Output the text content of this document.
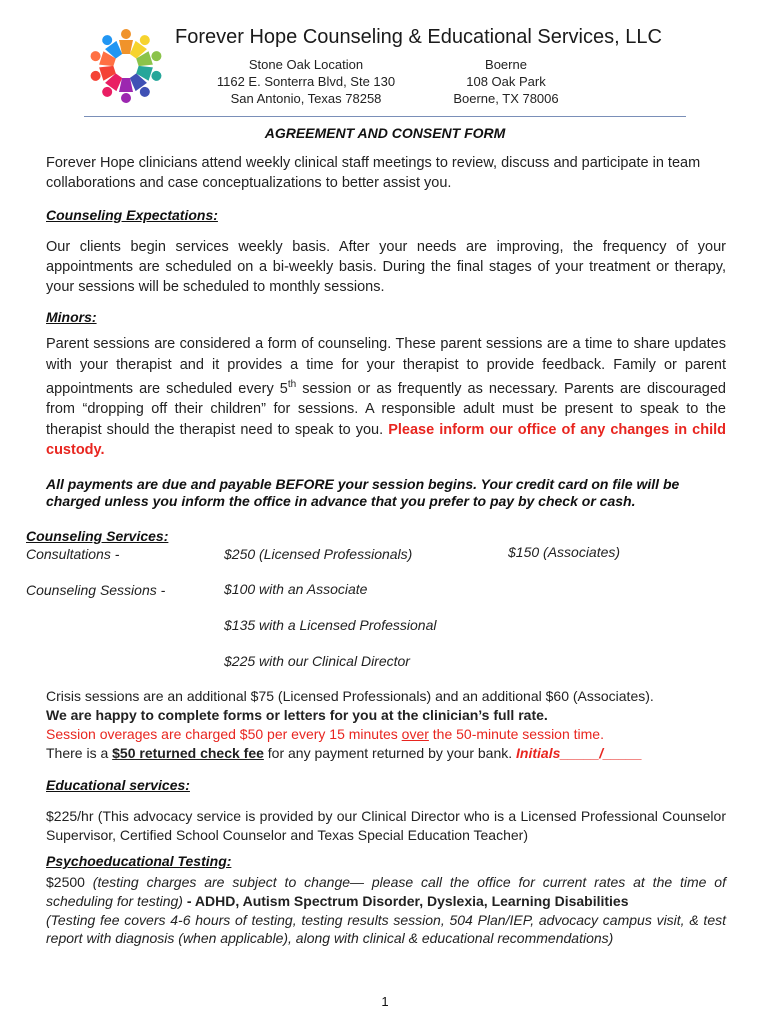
Forever Hope Counseling & Educational Services, LLC
Stone Oak Location
1162 E. Sonterra Blvd, Ste 130
San Antonio, Texas 78258
Boerne
108 Oak Park
Boerne, TX 78006
AGREEMENT AND CONSENT FORM
Forever Hope clinicians attend weekly clinical staff meetings to review, discuss and participate in team collaborations and case conceptualizations to better assist you.
Counseling Expectations:
Our clients begin services weekly basis. After your needs are improving, the frequency of your appointments are scheduled on a bi-weekly basis. During the final stages of your treatment or therapy, your sessions will be scheduled to monthly sessions.
Minors:
Parent sessions are considered a form of counseling. These parent sessions are a time to share updates with your therapist and it provides a time for your therapist to provide feedback. Family or parent appointments are scheduled every 5th session or as frequently as necessary. Parents are discouraged from “dropping off their children” for sessions. A responsible adult must be present to speak to the therapist should the therapist need to speak to you. Please inform our office of any changes in child custody.
All payments are due and payable BEFORE your session begins. Your credit card on file will be charged unless you inform the office in advance that you prefer to pay by check or cash.
Counseling Services:
Consultations -	$250 (Licensed Professionals)	$150 (Associates)
Counseling Sessions -	$100 with an Associate
$135 with a Licensed Professional
$225 with our Clinical Director
Crisis sessions are an additional $75 (Licensed Professionals) and an additional $60 (Associates).
We are happy to complete forms or letters for you at the clinician’s full rate.
Session overages are charged $50 per every 15 minutes over the 50-minute session time.
There is a $50 returned check fee for any payment returned by your bank. Initials_____/_____
Educational services:
$225/hr (This advocacy service is provided by our Clinical Director who is a Licensed Professional Counselor Supervisor, Certified School Counselor and Texas Special Education Teacher)
Psychoeducational Testing:
$2500 (testing charges are subject to change— please call the office for current rates at the time of scheduling for testing) - ADHD, Autism Spectrum Disorder, Dyslexia, Learning Disabilities
(Testing fee covers 4-6 hours of testing, testing results session, 504 Plan/IEP, advocacy campus visit, & test report with diagnosis (when applicable), along with clinical & educational recommendations)
1
